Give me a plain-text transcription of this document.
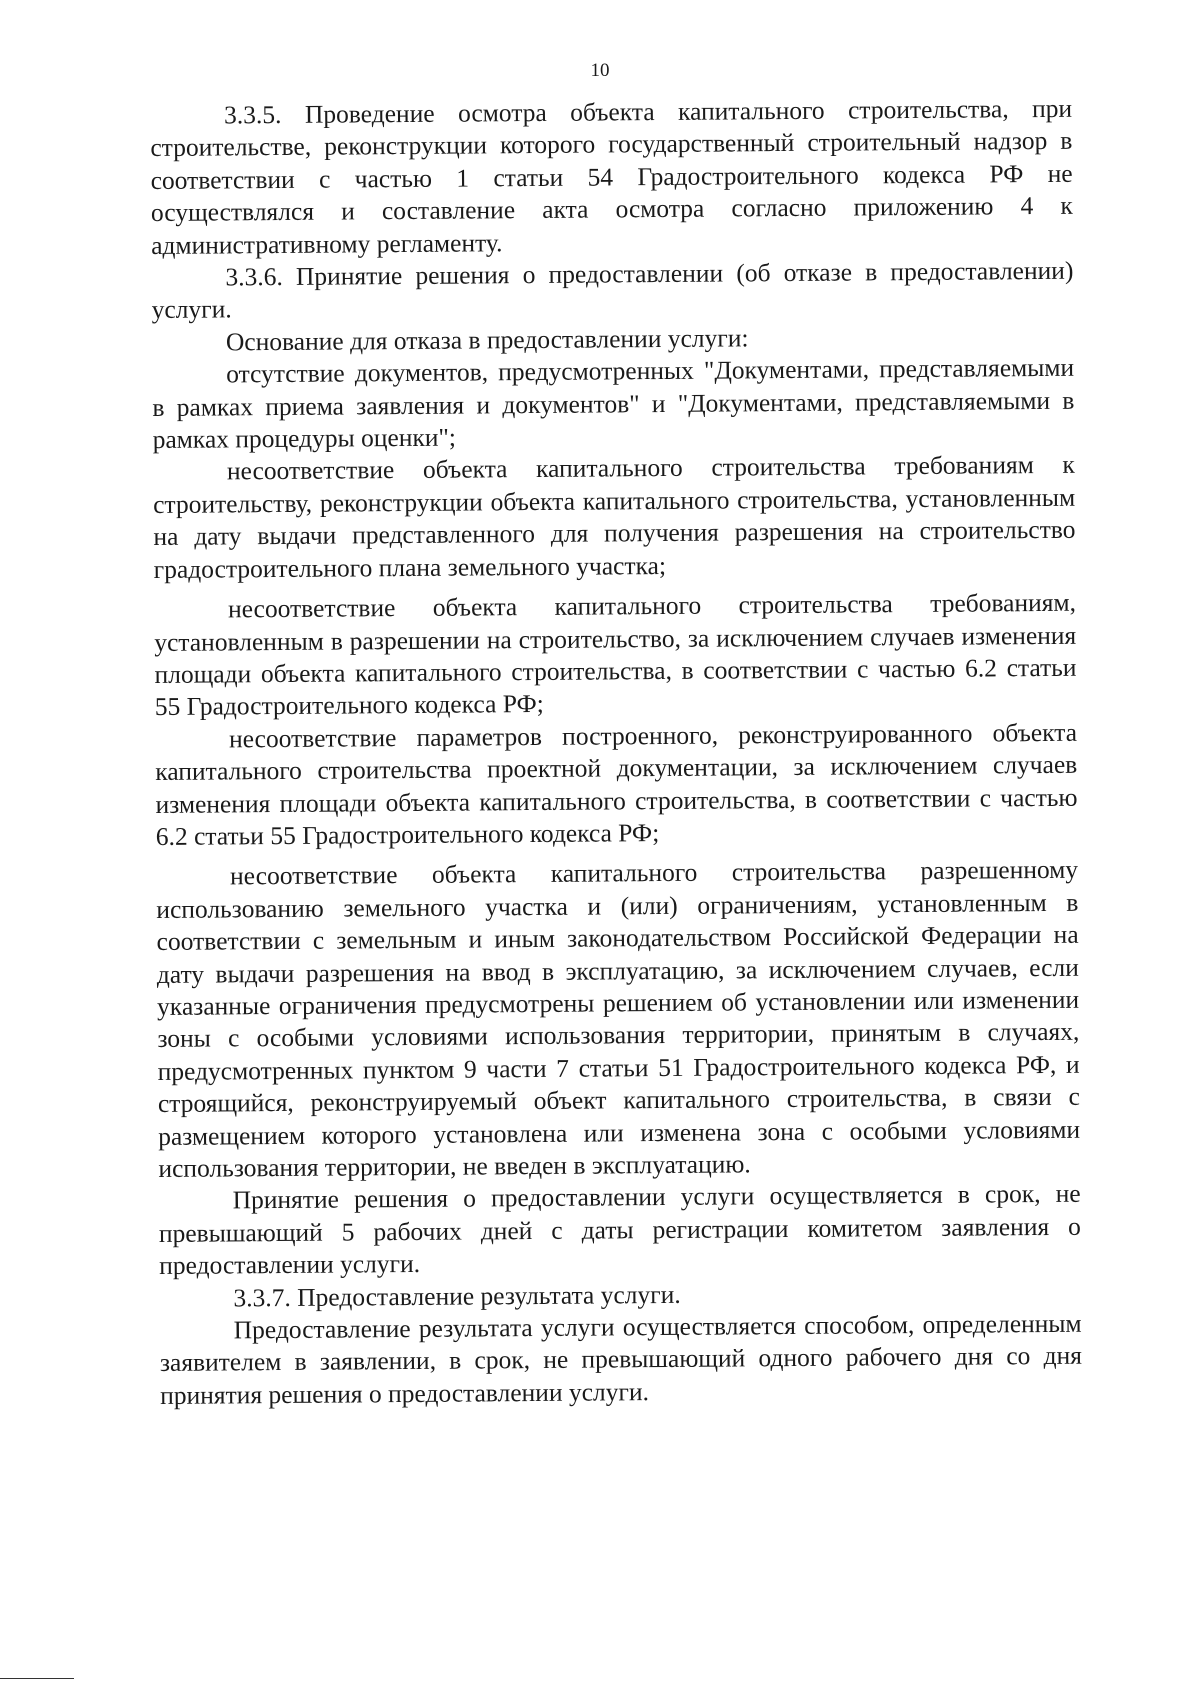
10

3.3.5. Проведение осмотра объекта капитального строительства, при строительстве, реконструкции которого государственный строительный надзор в соответствии с частью 1 статьи 54 Градостроительного кодекса РФ не осуществлялся и составление акта осмотра согласно приложению 4 к административному регламенту.

3.3.6. Принятие решения о предоставлении (об отказе в предоставлении) услуги.

Основание для отказа в предоставлении услуги:

отсутствие документов, предусмотренных "Документами, представляемыми в рамках приема заявления и документов" и "Документами, представляемыми в рамках процедуры оценки";

несоответствие объекта капитального строительства требованиям к строительству, реконструкции объекта капитального строительства, установленным на дату выдачи представленного для получения разрешения на строительство градостроительного плана земельного участка;

несоответствие объекта капитального строительства требованиям, установленным в разрешении на строительство, за исключением случаев изменения площади объекта капитального строительства, в соответствии с частью 6.2 статьи 55 Градостроительного кодекса РФ;

несоответствие параметров построенного, реконструированного объекта капитального строительства проектной документации, за исключением случаев изменения площади объекта капитального строительства, в соответствии с частью 6.2 статьи 55 Градостроительного кодекса РФ;

несоответствие объекта капитального строительства разрешенному использованию земельного участка и (или) ограничениям, установленным в соответствии с земельным и иным законодательством Российской Федерации на дату выдачи разрешения на ввод в эксплуатацию, за исключением случаев, если указанные ограничения предусмотрены решением об установлении или изменении зоны с особыми условиями использования территории, принятым в случаях, предусмотренных пунктом 9 части 7 статьи 51 Градостроительного кодекса РФ, и строящийся, реконструируемый объект капитального строительства, в связи с размещением которого установлена или изменена зона с особыми условиями использования территории, не введен в эксплуатацию.

Принятие решения о предоставлении услуги осуществляется в срок, не превышающий 5 рабочих дней с даты регистрации комитетом заявления о предоставлении услуги.

3.3.7. Предоставление результата услуги.

Предоставление результата услуги осуществляется способом, определенным заявителем в заявлении, в срок, не превышающий одного рабочего дня со дня принятия решения о предоставлении услуги.
